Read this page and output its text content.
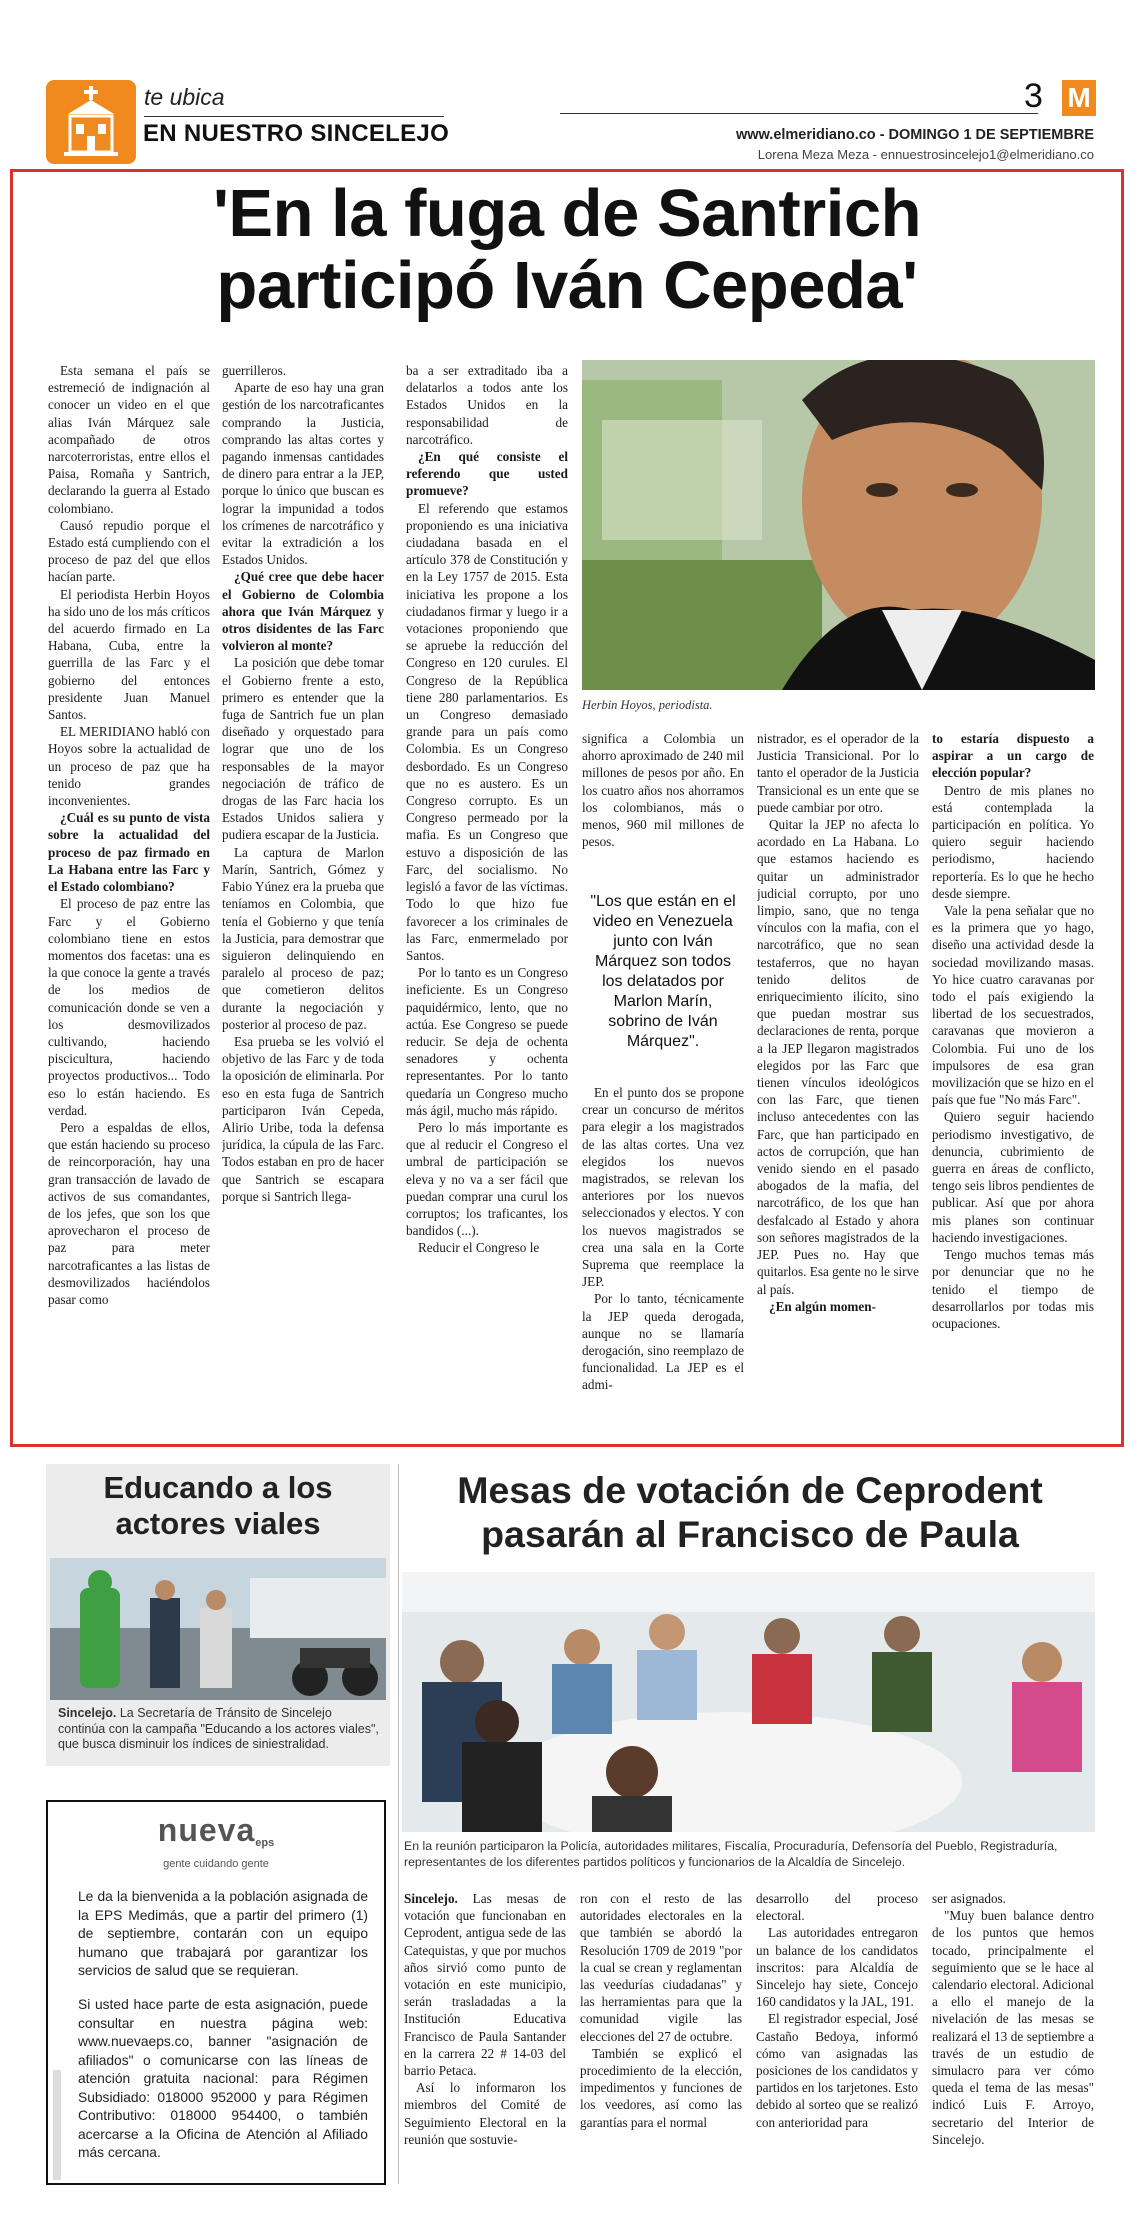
te ubica
EN NUESTRO SINCELEJO
3 M
www.elmeridiano.co - DOMINGO 1 DE SEPTIEMBRE
Lorena Meza Meza - ennuestrosincelejo1@elmeridiano.co
'En la fuga de Santrich
participó Iván Cepeda'
Herbin Hoyos, periodista.

Esta semana el país se estremeció de indignación al conocer un video en el que alias Iván Márquez sale acompañado de otros narcoterroristas, entre ellos el Paisa, Romaña y Santrich, declarando la guerra al Estado colombiano.

Causó repudio porque el Estado está cumpliendo con el proceso de paz del que ellos hacían parte.

El periodista Herbin Hoyos ha sido uno de los más críticos del acuerdo firmado en La Habana, Cuba, entre la guerrilla de las Farc y el gobierno del entonces presidente Juan Manuel Santos.

EL MERIDIANO habló con Hoyos sobre la actualidad de un proceso de paz que ha tenido grandes inconvenientes.

¿Cuál es su punto de vista sobre la actualidad del proceso de paz firmado en La Habana entre las Farc y el Estado colombiano?

El proceso de paz entre las Farc y el Gobierno colombiano tiene en estos momentos dos facetas: una es la que conoce la gente a través de los medios de comunicación donde se ven a los desmovilizados cultivando, haciendo piscicultura, haciendo proyectos productivos... Todo eso lo están haciendo. Es verdad.

Pero a espaldas de ellos, que están haciendo su proceso de reincorporación, hay una gran transacción de lavado de activos de sus comandantes, de los jefes, que son los que aprovecharon el proceso de paz para meter narcotraficantes a las listas de desmovilizados haciéndolos pasar como

guerrilleros.

Aparte de eso hay una gran gestión de los narcotraficantes comprando la Justicia, comprando las altas cortes y pagando inmensas cantidades de dinero para entrar a la JEP, porque lo único que buscan es lograr la impunidad a todos los crímenes de narcotráfico y evitar la extradición a los Estados Unidos.

¿Qué cree que debe hacer el Gobierno de Colombia ahora que Iván Márquez y otros disidentes de las Farc volvieron al monte?

La posición que debe tomar el Gobierno frente a esto, primero es entender que la fuga de Santrich fue un plan diseñado y orquestado para lograr que uno de los responsables de la mayor negociación de tráfico de drogas de las Farc hacia los Estados Unidos saliera y pudiera escapar de la Justicia.

La captura de Marlon Marín, Santrich, Gómez y Fabio Yúnez era la prueba que teníamos en Colombia, que tenía el Gobierno y que tenía la Justicia, para demostrar que siguieron delinquiendo en paralelo al proceso de paz; que cometieron delitos durante la negociación y posterior al proceso de paz.

Esa prueba se les volvió el objetivo de las Farc y de toda la oposición de eliminarla. Por eso en esta fuga de Santrich participaron Iván Cepeda, Alirio Uribe, toda la defensa jurídica, la cúpula de las Farc. Todos estaban en pro de hacer que Santrich se escapara porque si Santrich llega-

ba a ser extraditado iba a delatarlos a todos ante los Estados Unidos en la responsabilidad de narcotráfico.

¿En qué consiste el referendo que usted promueve?

El referendo que estamos proponiendo es una iniciativa ciudadana basada en el artículo 378 de Constitución y en la Ley 1757 de 2015. Esta iniciativa les propone a los ciudadanos firmar y luego ir a votaciones proponiendo que se apruebe la reducción del Congreso en 120 curules. El Congreso de la República tiene 280 parlamentarios. Es un Congreso demasiado grande para un país como Colombia. Es un Congreso desbordado. Es un Congreso que no es austero. Es un Congreso corrupto. Es un Congreso permeado por la mafia. Es un Congreso que estuvo a disposición de las Farc, del socialismo. No legisló a favor de las víctimas. Todo lo que hizo fue favorecer a los criminales de las Farc, enmermelado por Santos.

Por lo tanto es un Congreso ineficiente. Es un Congreso paquidérmico, lento, que no actúa. Ese Congreso se puede reducir. Se deja de ochenta senadores y ochenta representantes. Por lo tanto quedaría un Congreso mucho más ágil, mucho más rápido.

Pero lo más importante es que al reducir el Congreso el umbral de participación se eleva y no va a ser fácil que puedan comprar una curul los corruptos; los traficantes, los bandidos (...).

Reducir el Congreso le

significa a Colombia un ahorro aproximado de 240 mil millones de pesos por año. En los cuatro años nos ahorramos los colombianos, más o menos, 960 mil millones de pesos.

"Los que están en el video en Venezuela junto con Iván Márquez son todos los delatados por Marlon Marín, sobrino de Iván Márquez".

En el punto dos se propone crear un concurso de méritos para elegir a los magistrados de las altas cortes. Una vez elegidos los nuevos magistrados, se relevan los anteriores por los nuevos seleccionados y electos. Y con los nuevos magistrados se crea una sala en la Corte Suprema que reemplace la JEP.

Por lo tanto, técnicamente la JEP queda derogada, aunque no se llamaría derogación, sino reemplazo de funcionalidad. La JEP es el admi-

nistrador, es el operador de la Justicia Transicional. Por lo tanto el operador de la Justicia Transicional es un ente que se puede cambiar por otro.

Quitar la JEP no afecta lo acordado en La Habana. Lo que estamos haciendo es quitar un administrador judicial corrupto, por uno limpio, sano, que no tenga vínculos con la mafia, con el narcotráfico, que no sean testaferros, que no hayan tenido delitos de enriquecimiento ilícito, sino que puedan mostrar sus declaraciones de renta, porque a la JEP llegaron magistrados elegidos por las Farc que tienen vínculos ideológicos con las Farc, que tienen incluso antecedentes con las Farc, que han participado en actos de corrupción, que han venido siendo en el pasado abogados de la mafia, del narcotráfico, de los que han desfalcado al Estado y ahora son señores magistrados de la JEP. Pues no. Hay que quitarlos. Esa gente no le sirve al país.

¿En algún momen-

to estaría dispuesto a aspirar a un cargo de elección popular?

Dentro de mis planes no está contemplada la participación en política. Yo quiero seguir haciendo periodismo, haciendo reportería. Es lo que he hecho desde siempre.

Vale la pena señalar que no es la primera que yo hago, diseño una actividad desde la sociedad movilizando masas. Yo hice cuatro caravanas por todo el país exigiendo la libertad de los secuestrados, caravanas que movieron a Colombia. Fui uno de los impulsores de esa gran movilización que se hizo en el país que fue "No más Farc".

Quiero seguir haciendo periodismo investigativo, de denuncia, cubrimiento de guerra en áreas de conflicto, tengo seis libros pendientes de publicar. Así que por ahora mis planes son continuar haciendo investigaciones.

Tengo muchos temas más por denunciar que no he tenido el tiempo de desarrollarlos por todas mis ocupaciones.

Educando a los actores viales
Sincelejo. La Secretaría de Tránsito de Sincelejo continúa con la campaña "Educando a los actores viales", que busca disminuir los índices de siniestralidad.
nuevaeps
gente cuidando gente
Le da la bienvenida a la población asignada de la EPS Medimás, que a partir del primero (1) de septiembre, contarán con un equipo humano que trabajará por garantizar los servicios de salud que se requieran.
Si usted hace parte de esta asignación, puede consultar en nuestra página web: www.nuevaeps.co, banner "asignación de afiliados" o comunicarse con las líneas de atención gratuita nacional: para Régimen Subsidiado: 018000 952000 y para Régimen Contributivo: 018000 954400, o también acercarse a la Oficina de Atención al Afiliado más cercana.
Mesas de votación de Ceprodent
pasarán al Francisco de Paula
En la reunión participaron la Policía, autoridades militares, Fiscalía, Procuraduría, Defensoría del Pueblo, Registraduría, representantes de los diferentes partidos políticos y funcionarios de la Alcaldía de Sincelejo.

Sincelejo. Las mesas de votación que funcionaban en Ceprodent, antigua sede de las Catequistas, y que por muchos años sirvió como punto de votación en este municipio, serán trasladadas a la Institución Educativa Francisco de Paula Santander en la carrera 22 # 14-03 del barrio Petaca.

Así lo informaron los miembros del Comité de Seguimiento Electoral en la reunión que sostuvie-

ron con el resto de las autoridades electorales en la que también se abordó la Resolución 1709 de 2019 "por la cual se crean y reglamentan las veedurías ciudadanas" y las herramientas para que la comunidad vigile las elecciones del 27 de octubre.

También se explicó el procedimiento de la elección, impedimentos y funciones de los veedores, así como las garantías para el normal

desarrollo del proceso electoral.

Las autoridades entregaron un balance de los candidatos inscritos: para Alcaldía de Sincelejo hay siete, Concejo 160 candidatos y la JAL, 191.

El registrador especial, José Castaño Bedoya, informó cómo van asignadas las posiciones de los candidatos y partidos en los tarjetones. Esto debido al sorteo que se realizó con anterioridad para

ser asignados.

"Muy buen balance dentro de los puntos que hemos tocado, principalmente el seguimiento que se le hace al calendario electoral. Adicional a ello el manejo de la nivelación de las mesas se realizará el 13 de septiembre a través de un estudio de simulacro para ver cómo queda el tema de las mesas" indicó Luis F. Arroyo, secretario del Interior de Sincelejo.
